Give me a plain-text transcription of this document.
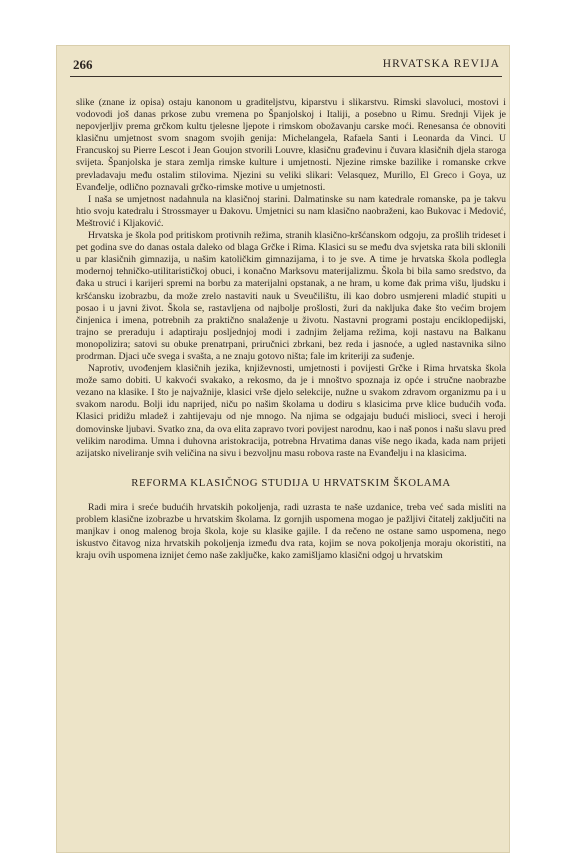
266	HRVATSKA REVIJA

slike (znane iz opisa) ostaju kanonom u graditeljstvu, kiparstvu i slikarstvu. Rimski slavoluci, mostovi i vodovodi još danas prkose zubu vremena po Španjolskoj i Italiji, a posebno u Rimu. Srednji Vijek je nepovjerljiv prema grčkom kultu tjelesne ljepote i rimskom obožavanju carske moći. Renesansa će obnoviti klasičnu umjetnost svom snagom svojih genija: Michelangela, Rafaela Santi i Leonarda da Vinci. U Francuskoj su Pierre Lescot i Jean Goujon stvorili Louvre, klasičnu građevinu i čuvara klasičnih djela staroga svijeta. Španjolska je stara zemlja rimske kulture i umjetnosti. Njezine rimske bazilike i romanske crkve prevladavaju među ostalim stilovima. Njezini su veliki slikari: Velasquez, Murillo, El Greco i Goya, uz Evanđelje, odlično poznavali grčko-rimske motive u umjetnosti.

I naša se umjetnost nadahnula na klasičnoj starini. Dalmatinske su nam katedrale romanske, pa je takvu htio svoju katedralu i Strossmayer u Đakovu. Umjetnici su nam klasično naobraženi, kao Bukovac i Medović, Meštrović i Kljaković.

Hrvatska je škola pod pritiskom protivnih režima, stranih klasično-kršćanskom odgoju, za prošlih trideset i pet godina sve do danas ostala daleko od blaga Grčke i Rima. Klasici su se među dva svjetska rata bili sklonili u par klasičnih gimnazija, u našim katoličkim gimnazijama, i to je sve. A time je hrvatska škola podlegla modernoj tehničko-utilitarističkoj obuci, i konačno Marksovu materijalizmu. Škola bi bila samo sredstvo, da đaka u struci i karijeri spremi na borbu za materijalni opstanak, a ne hram, u kome đak prima višu, ljudsku i kršćansku izobrazbu, da može zrelo nastaviti nauk u Sveučilištu, ili kao dobro usmjereni mladić stupiti u posao i u javni život. Škola se, rastavljena od najbolje prošlosti, žuri da nakljuka đake što većim brojem činjenica i imena, potrebnih za praktično snalaženje u životu. Nastavni programi postaju enciklopedijski, trajno se preraduju i adaptiraju posljednjoj modi i zadnjim željama režima, koji nastavu na Balkanu monopolizira; satovi su obuke prenatrpani, priručnici zbrkani, bez reda i jasnoće, a ugled nastavnika silno prodrman. Djaci uče svega i svašta, a ne znaju gotovo ništa; fale im kriteriji za suđenje.

Naprotiv, uvođenjem klasičnih jezika, književnosti, umjetnosti i povijesti Grčke i Rima hrvatska škola može samo dobiti. U kakvoći svakako, a rekosmo, da je i mnoštvo spoznaja iz opće i stručne naobrazbe vezano na klasike. I što je najvažnije, klasici vrše djelo selekcije, nužne u svakom zdravom organizmu pa i u svakom narodu. Bolji idu naprijed, niču po našim školama u dodiru s klasicima prve klice budućih vođa. Klasici pridižu mladež i zahtijevaju od nje mnogo. Na njima se odgajaju budući mislioci, sveci i heroji domovinske ljubavi. Svatko zna, da ova elita zapravo tvori povijest narodnu, kao i naš ponos i našu slavu pred velikim narodima. Umna i duhovna aristokracija, potrebna Hrvatima danas više nego ikada, kada nam prijeti azijatsko niveliranje svih veličina na sivu i bezvoljnu masu robova raste na Evanđelju i na klasicima.

REFORMA KLASIČNOG STUDIJA U HRVATSKIM ŠKOLAMA

Radi mira i sreće budućih hrvatskih pokoljenja, radi uzrasta te naše uzdanice, treba već sada misliti na problem klasične izobrazbe u hrvatskim školama. Iz gornjih uspomena mogao je pažljivi čitatelj zaključiti na manjkav i onog malenog broja škola, koje su klasike gajile. I da rečeno ne ostane samo uspomena, nego iskustvo čitavog niza hrvatskih pokoljenja između dva rata, kojim se nova pokoljenja moraju okoristiti, na kraju ovih uspomena iznijet ćemo naše zaključke, kako zamišljamo klasični odgoj u hrvatskim
